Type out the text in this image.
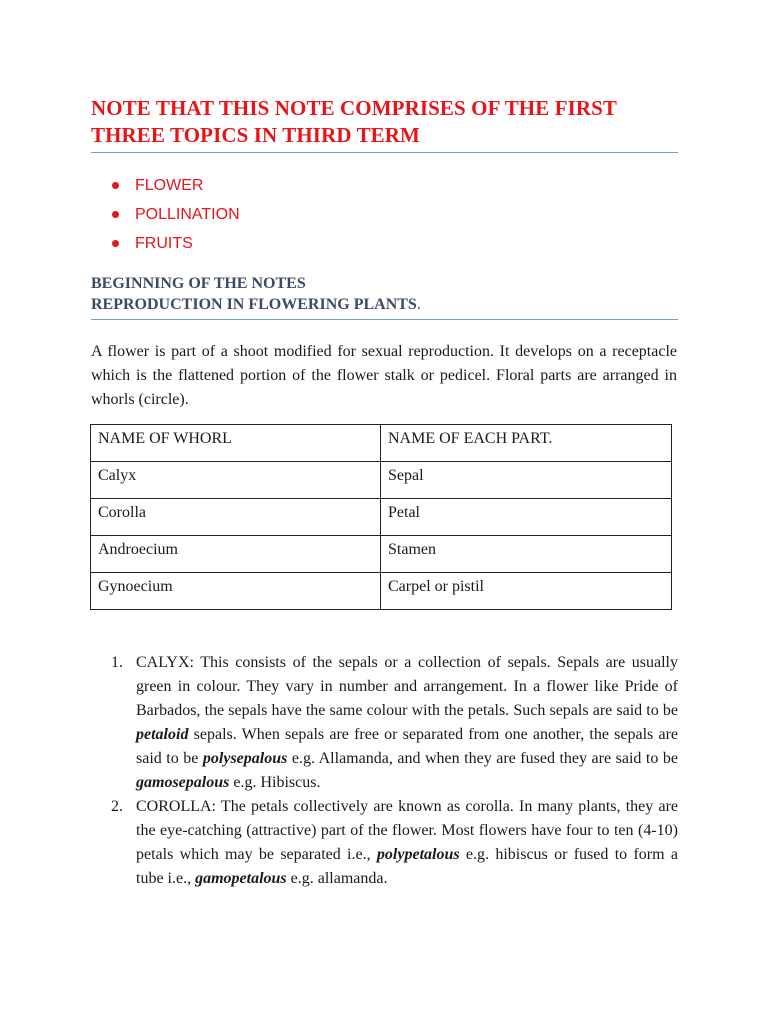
NOTE THAT THIS NOTE COMPRISES OF THE FIRST THREE TOPICS IN THIRD TERM
FLOWER
POLLINATION
FRUITS
BEGINNING OF THE NOTES
REPRODUCTION IN FLOWERING PLANTS.

A flower is part of a shoot modified for sexual reproduction. It develops on a receptacle which is the flattened portion of the flower stalk or pedicel. Floral parts are arranged in whorls (circle).

NAME OF WHORL	NAME OF EACH PART.
Calyx	Sepal
Corolla	Petal
Androecium	Stamen
Gynoecium	Carpel or pistil
1. CALYX: This consists of the sepals or a collection of sepals. Sepals are usually green in colour. They vary in number and arrangement. In a flower like Pride of Barbados, the sepals have the same colour with the petals. Such sepals are said to be petaloid sepals. When sepals are free or separated from one another, the sepals are said to be polysepalous e.g. Allamanda, and when they are fused they are said to be gamosepalous e.g. Hibiscus.
2. COROLLA: The petals collectively are known as corolla. In many plants, they are the eye-catching (attractive) part of the flower. Most flowers have four to ten (4-10) petals which may be separated i.e., polypetalous e.g. hibiscus or fused to form a tube i.e., gamopetalous e.g. allamanda.
